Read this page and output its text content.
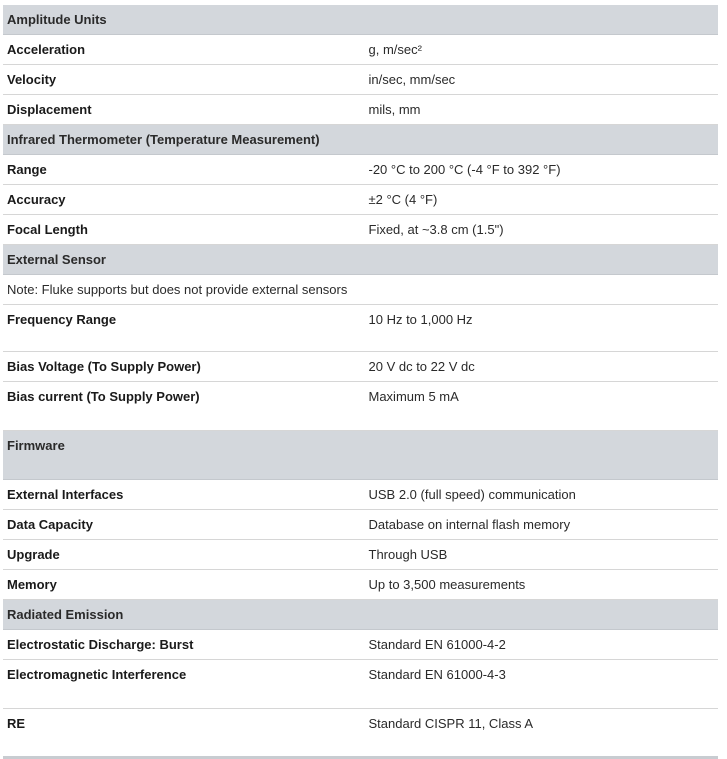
Amplitude Units	
Acceleration	g, m/sec²
Velocity	in/sec, mm/sec
Displacement	mils, mm
Infrared Thermometer (Temperature Measurement)	
Range	-20 °C to 200 °C (-4 °F to 392 °F)
Accuracy	±2 °C (4 °F)
Focal Length	Fixed, at ~3.8 cm (1.5")
External Sensor	
Note: Fluke supports but does not provide external sensors	
Frequency Range	10 Hz to 1,000 Hz
Bias Voltage (To Supply Power)	20 V dc to 22 V dc
Bias current (To Supply Power)	Maximum 5 mA
Firmware	
External Interfaces	USB 2.0 (full speed) communication
Data Capacity	Database on internal flash memory
Upgrade	Through USB
Memory	Up to 3,500 measurements
Radiated Emission	
Electrostatic Discharge: Burst	Standard EN 61000-4-2
Electromagnetic Interference	Standard EN 61000-4-3
RE	Standard CISPR 11, Class A
